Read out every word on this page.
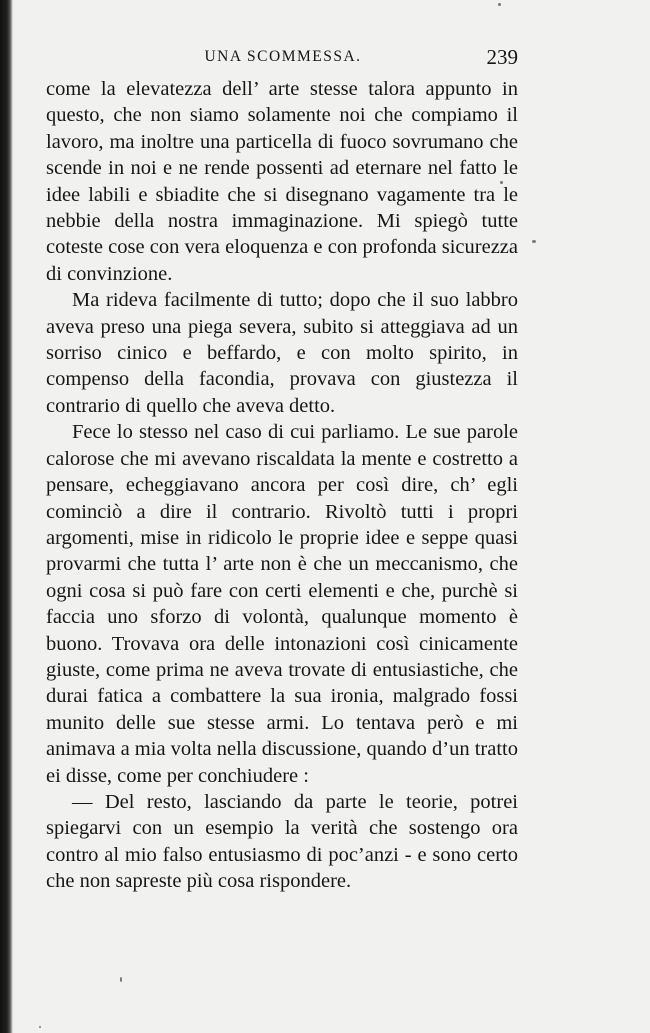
UNA SCOMMESSA.	239

come la elevatezza dell’ arte stesse talora appunto in questo, che non siamo solamente noi che compiamo il lavoro, ma inoltre una particella di fuoco sovrumano che scende in noi e ne rende possenti ad eternare nel fatto le idee labili e sbiadite che si disegnano vagamente tra le nebbie della nostra immaginazione. Mi spiegò tutte coteste cose con vera eloquenza e con profonda sicurezza di convinzione.

Ma rideva facilmente di tutto; dopo che il suo labbro aveva preso una piega severa, subito si atteggiava ad un sorriso cinico e beffardo, e con molto spirito, in compenso della facondia, provava con giustezza il contrario di quello che aveva detto.

Fece lo stesso nel caso di cui parliamo. Le sue parole calorose che mi avevano riscaldata la mente e costretto a pensare, echeggiavano ancora per così dire, ch’ egli cominciò a dire il contrario. Rivoltò tutti i propri argomenti, mise in ridicolo le proprie idee e seppe quasi provarmi che tutta l’ arte non è che un meccanismo, che ogni cosa si può fare con certi elementi e che, purchè si faccia uno sforzo di volontà, qualunque momento è buono. Trovava ora delle intonazioni così cinicamente giuste, come prima ne aveva trovate di entusiastiche, che durai fatica a combattere la sua ironia, malgrado fossi munito delle sue stesse armi. Lo tentava però e mi animava a mia volta nella discussione, quando d’un tratto ei disse, come per conchiudere :

— Del resto, lasciando da parte le teorie, potrei spiegarvi con un esempio la verità che sostengo ora contro al mio falso entusiasmo di poc’anzi - e sono certo che non sapreste più cosa rispondere.
